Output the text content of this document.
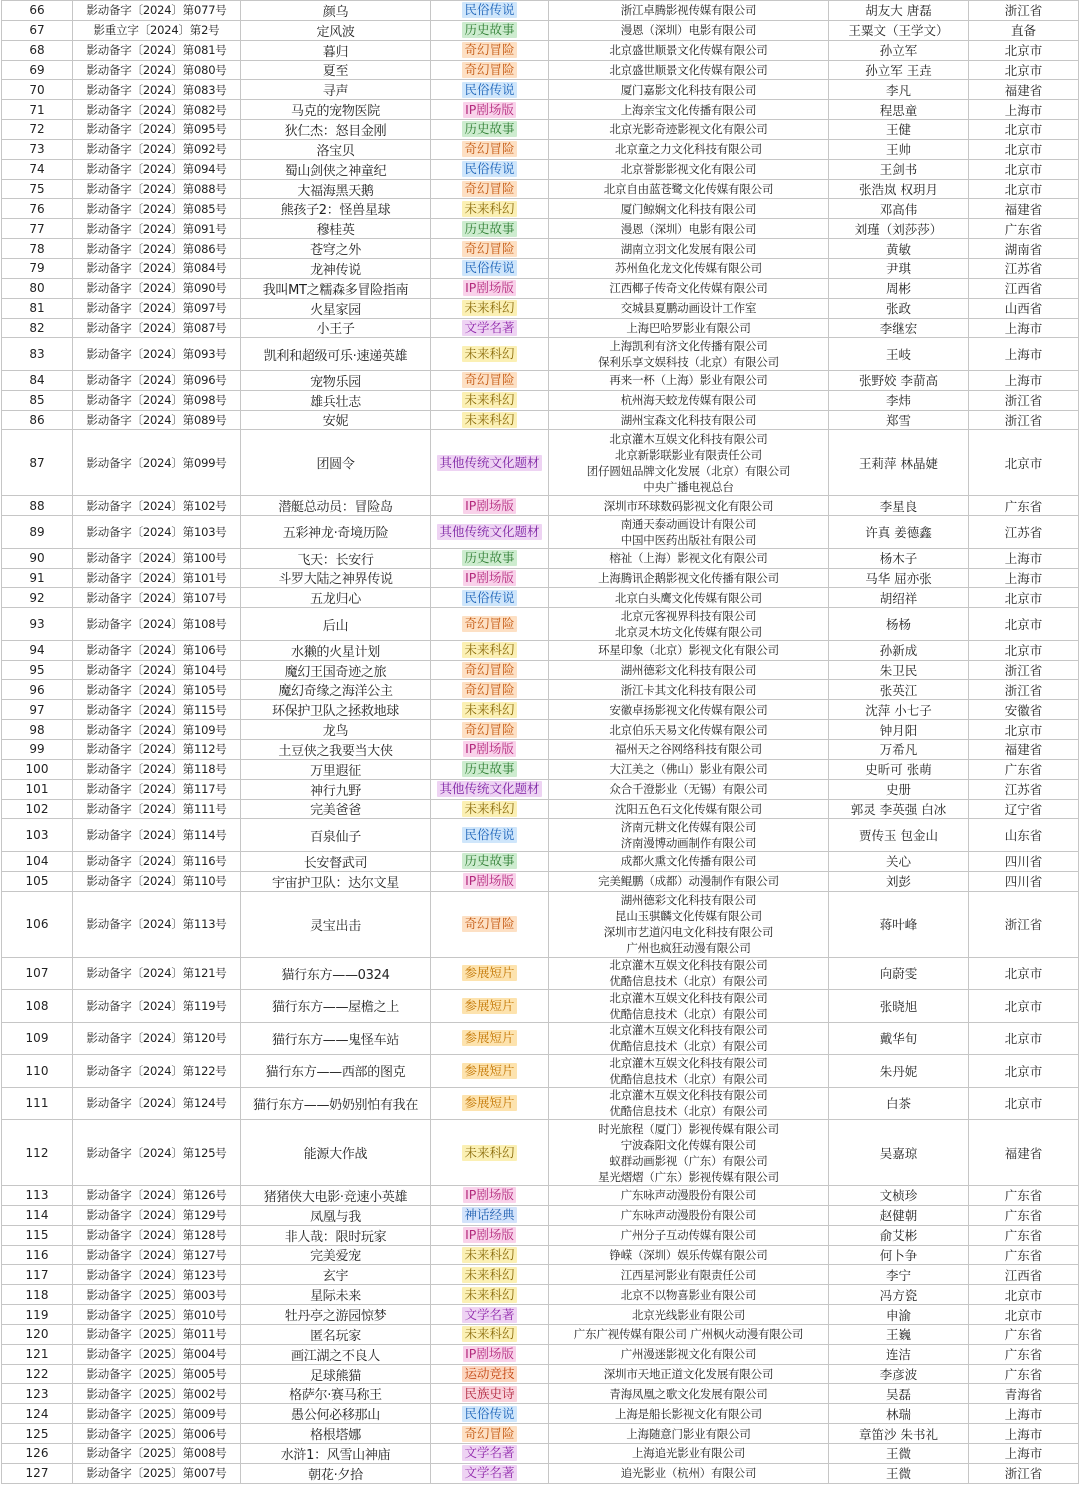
66	影动备字〔2024〕第077号	颜乌	民俗传说	浙江卓腾影视传媒有限公司	胡友大 唐磊	浙江省
67	影重立字〔2024〕第2号	定风波	历史故事	漫恩（深圳）电影有限公司	王粟文（王学文）	直备
68	影动备字〔2024〕第081号	暮归	奇幻冒险	北京盛世顺景文化传媒有限公司	孙立军	北京市
69	影动备字〔2024〕第080号	夏至	奇幻冒险	北京盛世顺景文化传媒有限公司	孙立军 王垚	北京市
70	影动备字〔2024〕第083号	寻声	民俗传说	厦门嘉影文化科技有限公司	李凡	福建省
71	影动备字〔2024〕第082号	马克的宠物医院	IP剧场版	上海亲宝文化传播有限公司	程思童	上海市
72	影动备字〔2024〕第095号	狄仁杰：怒目金刚	历史故事	北京光影奇迹影视文化有限公司	王健	北京市
73	影动备字〔2024〕第092号	洛宝贝	奇幻冒险	北京童之力文化科技有限公司	王帅	北京市
74	影动备字〔2024〕第094号	蜀山剑侠之神童纪	民俗传说	北京誉影影视文化有限公司	王剑书	北京市
75	影动备字〔2024〕第088号	大福海黑天鹅	奇幻冒险	北京自由蓝苍鹭文化传媒有限公司	张浩岚 权玥月	北京市
76	影动备字〔2024〕第085号	熊孩子2：怪兽星球	未来科幻	厦门鲸娴文化科技有限公司	邓高伟	福建省
77	影动备字〔2024〕第091号	穆桂英	历史故事	漫恩（深圳）电影有限公司	刘瑾（刘莎莎）	广东省
78	影动备字〔2024〕第086号	苍穹之外	奇幻冒险	湖南立羽文化发展有限公司	黄敏	湖南省
79	影动备字〔2024〕第084号	龙神传说	民俗传说	苏州鱼化龙文化传媒有限公司	尹琪	江苏省
80	影动备字〔2024〕第090号	我叫MT之糯森多冒险指南	IP剧场版	江西椰子传奇文化传媒有限公司	周彬	江西省
81	影动备字〔2024〕第097号	火星家园	未来科幻	交城县夏鹏动画设计工作室	张政	山西省
82	影动备字〔2024〕第087号	小王子	文学名著	上海巴哈罗影业有限公司	李继宏	上海市
83	影动备字〔2024〕第093号	凯利和超级可乐·速递英雄	未来科幻	上海凯利有济文化传播有限公司
保利乐享文娱科技（北京）有限公司	王岐	上海市
84	影动备字〔2024〕第096号	宠物乐园	奇幻冒险	再来一杯（上海）影业有限公司	张野姣 李葥高	上海市
85	影动备字〔2024〕第098号	雄兵壮志	未来科幻	杭州海天蛟龙传媒有限公司	李炜	浙江省
86	影动备字〔2024〕第089号	安妮	未来科幻	湖州宝森文化科技有限公司	郑雪	浙江省
87	影动备字〔2024〕第099号	团圆令	其他传统文化题材
北京灌木互娱文化科技有限公司
北京新影联影业有限责任公司
团仔圆妞品牌文化发展（北京）有限公司
中央广播电视总台
王莉萍 林晶婕	北京市
88	影动备字〔2024〕第102号	潜艇总动员：冒险岛	IP剧场版	深圳市环球数码影视文化有限公司	李星良	广东省
89	影动备字〔2024〕第103号	五彩神龙·奇境历险	其他传统文化题材	南通天泰动画设计有限公司
中国中医药出版社有限公司	许真 姜德鑫	江苏省
90	影动备字〔2024〕第100号	飞天：长安行	历史故事	榕祉（上海）影视文化有限公司	杨木子	上海市
91	影动备字〔2024〕第101号	斗罗大陆之神界传说	IP剧场版	上海腾讯企鹅影视文化传播有限公司	马华 屈亦张	上海市
92	影动备字〔2024〕第107号	五龙归心	民俗传说	北京白头鹰文化传媒有限公司	胡绍祥	北京市
93	影动备字〔2024〕第108号	后山	奇幻冒险	北京元客视界科技有限公司
北京灵木坊文化传媒有限公司	杨杨	北京市
94	影动备字〔2024〕第106号	水獭的火星计划	未来科幻	环星印象（北京）影视文化有限公司	孙新成	北京市
95	影动备字〔2024〕第104号	魔幻王国奇迹之旅	奇幻冒险	湖州德彩文化科技有限公司	朱卫民	浙江省
96	影动备字〔2024〕第105号	魔幻奇缘之海洋公主	奇幻冒险	浙江卡其文化科技有限公司	张英江	浙江省
97	影动备字〔2024〕第115号	环保护卫队之拯救地球	未来科幻	安徽卓扬影视文化传媒有限公司	沈萍 小七子	安徽省
98	影动备字〔2024〕第109号	龙鸟	奇幻冒险	北京伯乐天易文化传媒有限公司	钟月阳	北京市
99	影动备字〔2024〕第112号	土豆侠之我要当大侠	IP剧场版	福州天之谷网络科技有限公司	万希凡	福建省
100	影动备字〔2024〕第118号	万里遐征	历史故事	大江美之（佛山）影业有限公司	史昕可 张萌	广东省
101	影动备字〔2024〕第117号	神行九野	其他传统文化题材	众合千澄影业（无锡）有限公司	史册	江苏省
102	影动备字〔2024〕第111号	完美爸爸	未来科幻	沈阳五色石文化传媒有限公司	郭灵 李英强 白冰	辽宁省
103	影动备字〔2024〕第114号	百泉仙子	民俗传说	济南元耕文化传媒有限公司
济南漫博动画制作有限公司	贾传玉 包金山	山东省
104	影动备字〔2024〕第116号	长安督武司	历史故事	成都火熏文化传播有限公司	关心	四川省
105	影动备字〔2024〕第110号	宇宙护卫队：达尔文星	IP剧场版	完美鲲鹏（成都）动漫制作有限公司	刘彭	四川省
106	影动备字〔2024〕第113号	灵宝出击	奇幻冒险
湖州德彩文化科技有限公司
昆山玉骐麟文化传媒有限公司
深圳市艺道闪电文化科技有限公司
广州也疯狂动漫有限公司
蒋叶峰	浙江省
107	影动备字〔2024〕第121号	猫行东方——0324	参展短片	北京灌木互娱文化科技有限公司
优酷信息技术（北京）有限公司	向蔚雯	北京市
108	影动备字〔2024〕第119号	猫行东方——屋檐之上	参展短片	北京灌木互娱文化科技有限公司
优酷信息技术（北京）有限公司	张晓旭	北京市
109	影动备字〔2024〕第120号	猫行东方——鬼怪车站	参展短片	北京灌木互娱文化科技有限公司
优酷信息技术（北京）有限公司	戴华旬	北京市
110	影动备字〔2024〕第122号	猫行东方——西部的图克	参展短片	北京灌木互娱文化科技有限公司
优酷信息技术（北京）有限公司	朱丹妮	北京市
111	影动备字〔2024〕第124号	猫行东方——奶奶别怕有我在	参展短片	北京灌木互娱文化科技有限公司
优酷信息技术（北京）有限公司	白茶	北京市
112	影动备字〔2024〕第125号	能源大作战	未来科幻
时光旅程（厦门）影视传媒有限公司
宁波森阳文化传媒有限公司
蚁群动画影视（广东）有限公司
星光熠熠（广东）影视传媒有限公司
吴嘉琼	福建省
113	影动备字〔2024〕第126号	猪猪侠大电影·竞速小英雄	IP剧场版	广东咏声动漫股份有限公司	文桢珍	广东省
114	影动备字〔2024〕第129号	凤凰与我	神话经典	广东咏声动漫股份有限公司	赵健朝	广东省
115	影动备字〔2024〕第128号	非人哉：限时玩家	IP剧场版	广州分子互动传媒有限公司	俞艾彬	广东省
116	影动备字〔2024〕第127号	完美爱宠	未来科幻	铮嵘（深圳）娱乐传媒有限公司	何卜争	广东省
117	影动备字〔2024〕第123号	玄宇	未来科幻	江西星河影业有限责任公司	李宁	江西省
118	影动备字〔2025〕第003号	星际未来	未来科幻	北京不以物喜影业有限公司	冯方瓷	北京市
119	影动备字〔2025〕第010号	牡丹亭之游园惊梦	文学名著	北京光线影业有限公司	申渝	北京市
120	影动备字〔2025〕第011号	匿名玩家	未来科幻	广东广视传媒有限公司 广州枫火动漫有限公司	王巍	广东省
121	影动备字〔2025〕第004号	画江湖之不良人	IP剧场版	广州漫迷影视文化有限公司	连洁	广东省
122	影动备字〔2025〕第005号	足球熊猫	运动竞技	深圳市天地正道文化发展有限公司	李彦波	广东省
123	影动备字〔2025〕第002号	格萨尔·赛马称王	民族史诗	青海凤凰之歌文化发展有限公司	吴磊	青海省
124	影动备字〔2025〕第009号	愚公何必移那山	民俗传说	上海是船长影视文化有限公司	林瑞	上海市
125	影动备字〔2025〕第006号	格根塔娜	奇幻冒险	上海随意门影业有限公司	章笛沙 朱书礼	上海市
126	影动备字〔2025〕第008号	水浒1：风雪山神庙	文学名著	上海追光影业有限公司	王微	上海市
127	影动备字〔2025〕第007号	朝花·夕拾	文学名著	追光影业（杭州）有限公司	王微	浙江省
